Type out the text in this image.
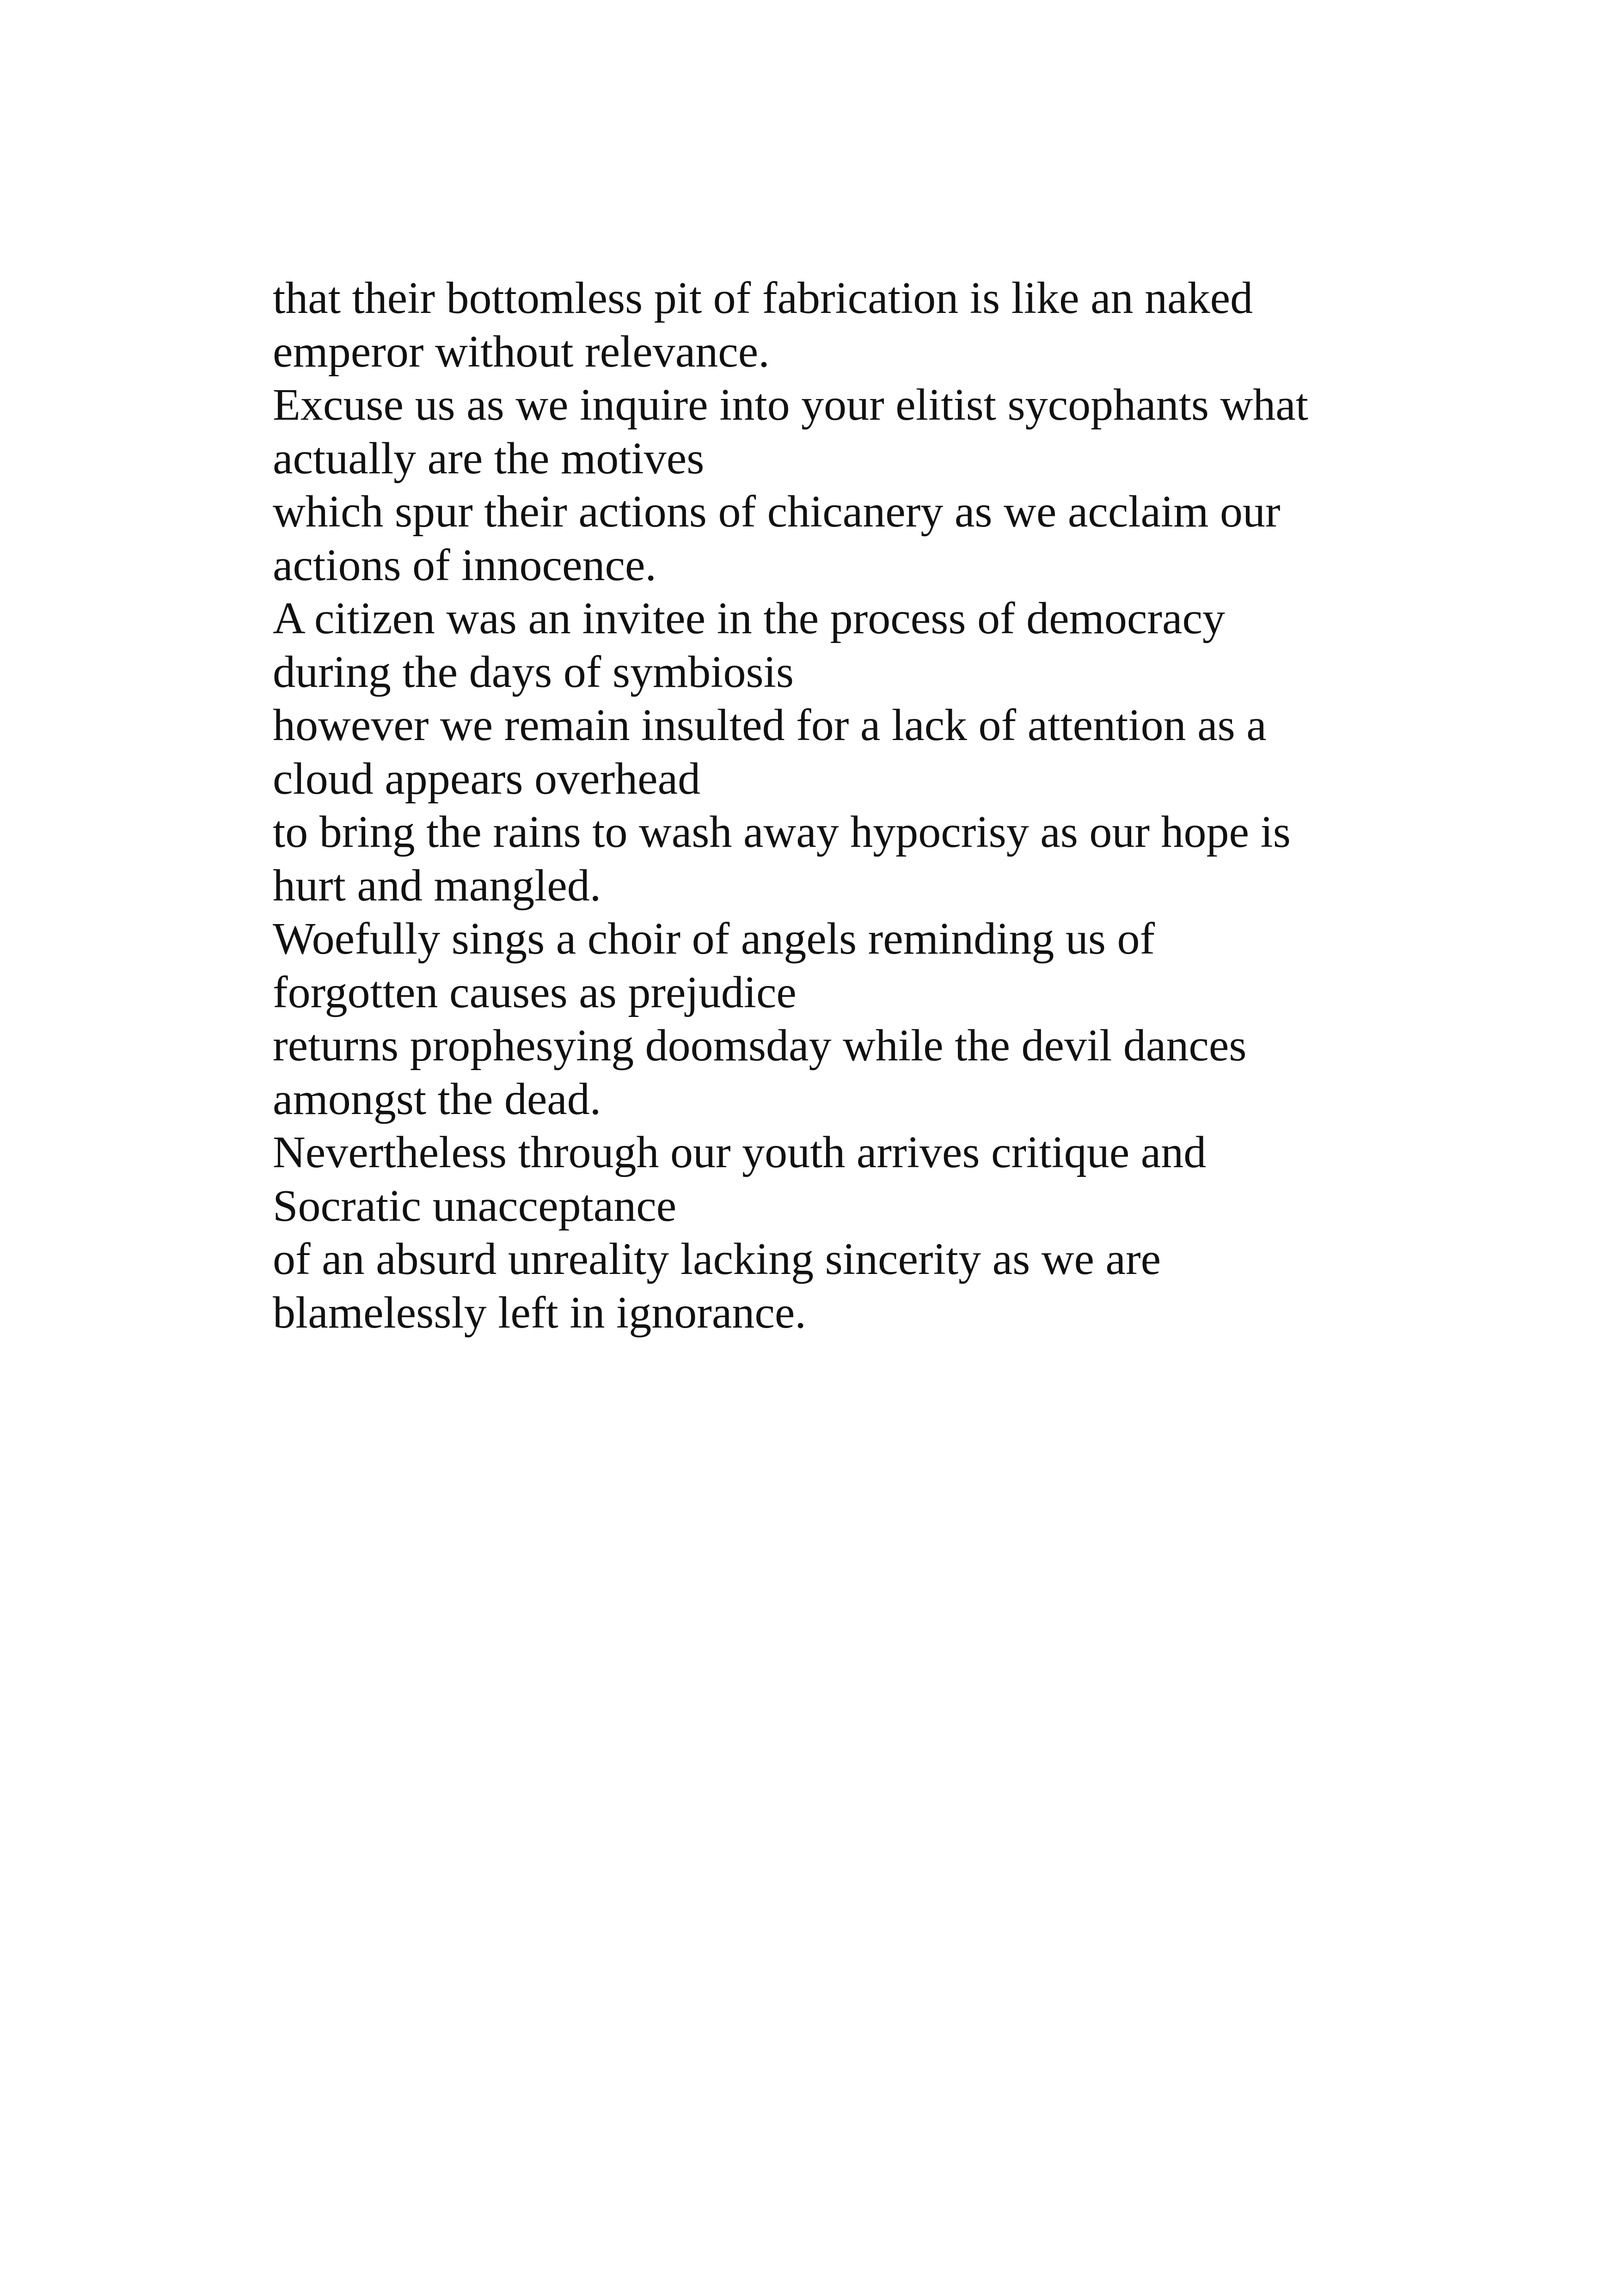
that their bottomless pit of fabrication is like an naked
emperor without relevance.
Excuse us as we inquire into your elitist sycophants what
actually are the motives
which spur their actions of chicanery as we acclaim our
actions of innocence.
A citizen was an invitee in the process of democracy
during the days of symbiosis
however we remain insulted for a lack of attention as a
cloud appears overhead
to bring the rains to wash away hypocrisy as our hope is
hurt and mangled.
Woefully sings a choir of angels reminding us of
forgotten causes as prejudice
returns prophesying doomsday while the devil dances
amongst the dead.
Nevertheless through our youth arrives critique and
Socratic unacceptance
of an absurd unreality lacking sincerity as we are
blamelessly left in ignorance.
